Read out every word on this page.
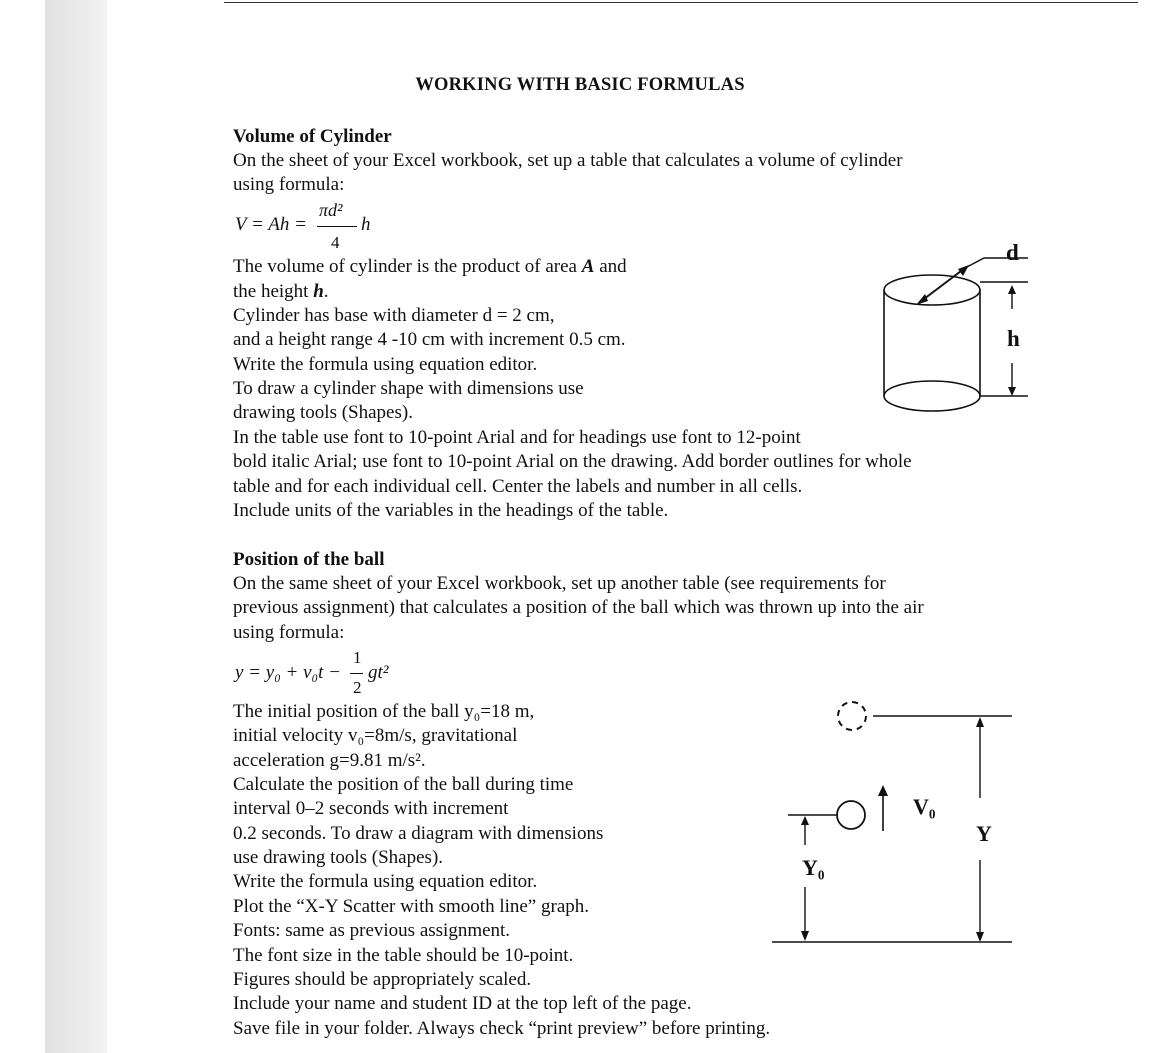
WORKING WITH BASIC FORMULAS
Volume of Cylinder
On the sheet of your Excel workbook, set up a table that calculates a volume of cylinder
using formula:
V = Ah =
πd²
4
h
The volume of cylinder is the product of area A and
the height h.
Cylinder has base with diameter d = 2 cm,
and a height range 4 -10 cm with increment 0.5 cm.
Write the formula using equation editor.
To draw a cylinder shape with dimensions use
drawing tools (Shapes).
In the table use font to 10-point Arial and for headings use font to 12-point
bold italic Arial; use font to 10-point Arial on the drawing. Add border outlines for whole
table and for each individual cell. Center the labels and number in all cells.
Include units of the variables in the headings of the table.
d
h
Position of the ball
On the same sheet of your Excel workbook, set up another table (see requirements for
previous assignment) that calculates a position of the ball which was thrown up into the air
using formula:
y = y₀ + v₀t −
1
2
gt²
The initial position of the ball y₀=18 m,
initial velocity v₀=8m/s, gravitational
acceleration g=9.81 m/s².
Calculate the position of the ball during time
interval 0–2 seconds with increment
0.2 seconds. To draw a diagram with dimensions
use drawing tools (Shapes).
Write the formula using equation editor.
Plot the “X-Y Scatter with smooth line” graph.
Fonts: same as previous assignment.
The font size in the table should be 10-point.
Figures should be appropriately scaled.
Include your name and student ID at the top left of the page.
Save file in your folder. Always check “print preview” before printing.
V₀
Y₀
Y
